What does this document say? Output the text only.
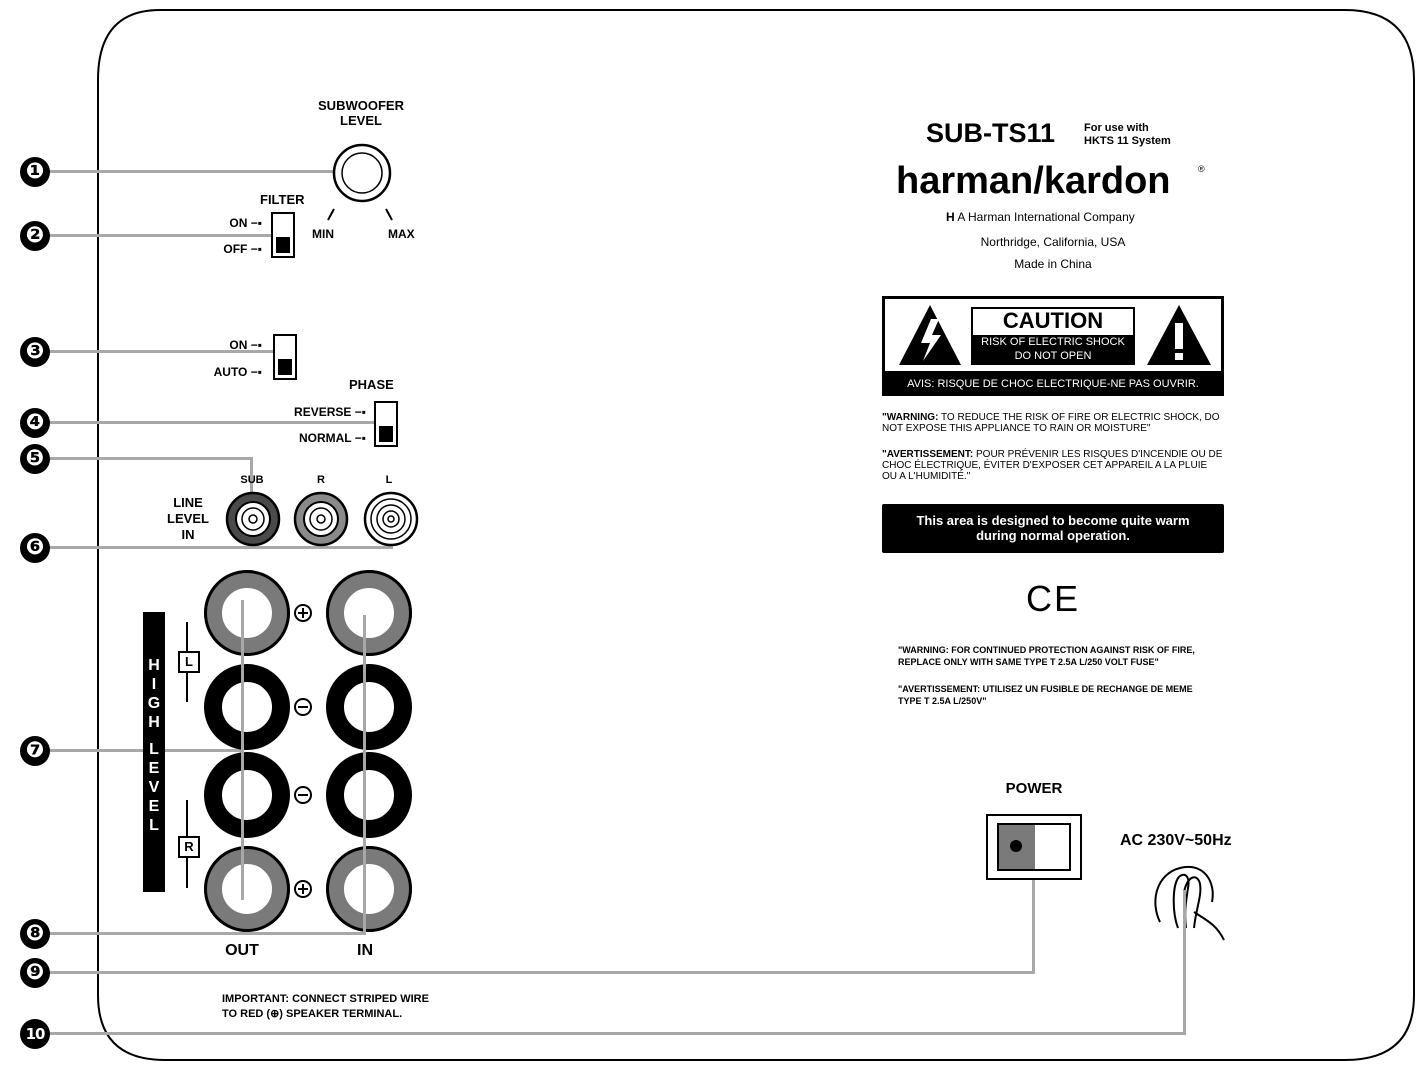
❶
❷
❸
❹
❺
❻
❼
❽
❾
10
SUBWOOFER
LEVEL
MIN	MAX
FILTER
ON −▪
OFF −▪
ON −▪
AUTO −▪
PHASE
REVERSE −▪
NORMAL −▪
LINE
LEVEL
IN
SUB	R	L
H
I
G
H
L
E
V
E
L
L
R
OUT	IN
IMPORTANT: CONNECT STRIPED WIRE
TO RED (⊕) SPEAKER TERMINAL.
SUB-TS11	For use with
HKTS 11 System
harman/kardon	®
H A Harman International Company
Northridge, California, USA
Made in China
CAUTION
RISK OF ELECTRIC SHOCK
DO NOT OPEN
AVIS: RISQUE DE CHOC ELECTRIQUE-NE PAS OUVRIR.
"WARNING: TO REDUCE THE RISK OF FIRE OR ELECTRIC SHOCK, DO NOT EXPOSE THIS APPLIANCE TO RAIN OR MOISTURE"
"AVERTISSEMENT: POUR PRÉVENIR LES RISQUES D'INCENDIE OU DE CHOC ÉLECTRIQUE, ÉVITER D'EXPOSER CET APPAREIL A LA PLUIE OU A L'HUMIDITÉ."
This area is designed to become quite warm
during normal operation.
CE
"WARNING: FOR CONTINUED PROTECTION AGAINST RISK OF FIRE,
REPLACE ONLY WITH SAME TYPE T 2.5A L/250 VOLT FUSE"
"AVERTISSEMENT: UTILISEZ UN FUSIBLE DE RECHANGE DE MEME
TYPE T 2.5A L/250V"
POWER
AC 230V~50Hz
